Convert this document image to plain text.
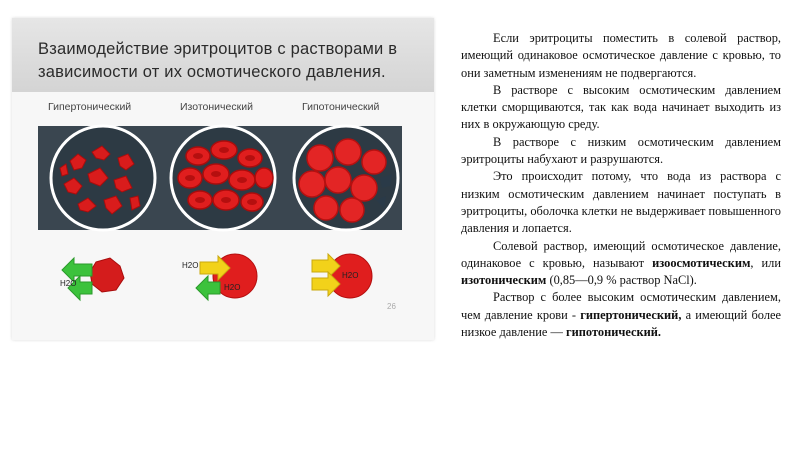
Взаимодействие эритроцитов с растворами в
зависимости от их осмотического давления.
Гипертонический	Изотонический	Гипотонический
H2O
H2O
H2O
H2O
26

Если эритроциты поместить в солевой раствор, имеющий одинаковое осмотическое давление с кровью, то они заметным изменениям не подвергаются.

В растворе с высоким осмотическим давлением клетки сморщиваются, так как вода начинает выходить из них в окружающую среду.

В растворе с низким осмотическим давлением эритроциты набухают и разрушаются.

Это происходит потому, что вода из раствора с низким осмотическим давлением начинает поступать в эритроциты, оболочка клетки не выдерживает повышенного давления и лопается.

Солевой раствор, имеющий осмотическое давление, одинаковое с кровью, называют изоосмотическим, или изотоническим (0,85—0,9 % раствор NaCl).

Раствор с более высоким осмотическим давлением, чем давление крови - гипертонический, а имеющий более низкое давление — гипотонический.
